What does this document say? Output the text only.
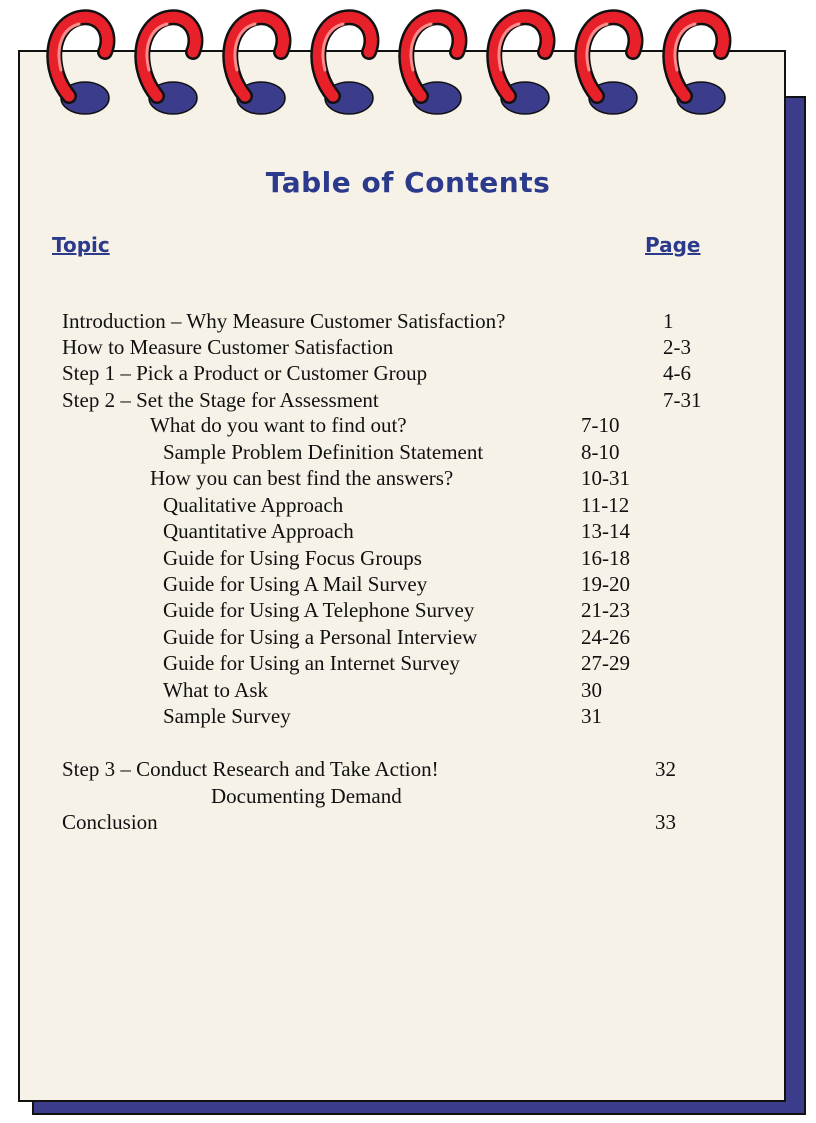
Table of Contents
Topic	Page
Introduction – Why Measure Customer Satisfaction?	1
How to Measure Customer Satisfaction	2-3
Step 1 – Pick a Product or Customer Group	4-6
Step 2 – Set the Stage for Assessment	7-31
What do you want to find out?	7-10
Sample Problem Definition Statement	8-10
How you can best find the answers?	10-31
Qualitative Approach	11-12
Quantitative Approach	13-14
Guide for Using Focus Groups	16-18
Guide for Using A Mail Survey	19-20
Guide for Using A Telephone Survey	21-23
Guide for Using a Personal Interview	24-26
Guide for Using an Internet Survey	27-29
What to Ask	30
Sample Survey	31
Step 3 – Conduct Research and Take Action!	32
Documenting Demand
Conclusion	33
